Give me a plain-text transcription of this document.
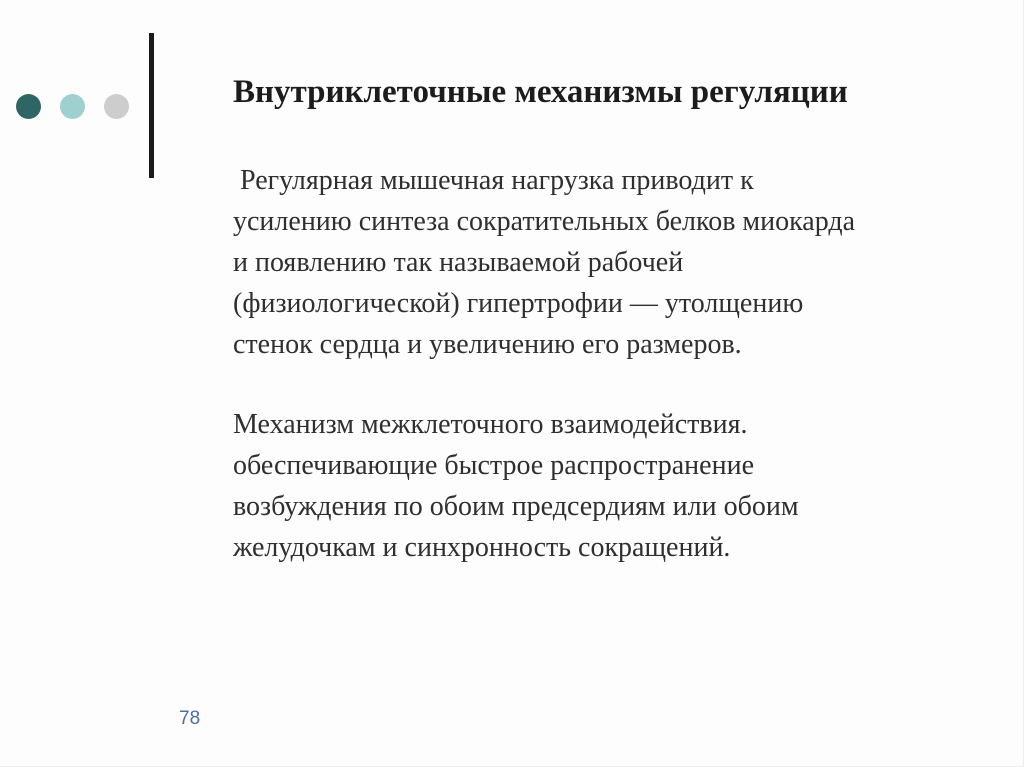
Внутриклеточные механизмы регуляции

Регулярная мышечная нагрузка приводит к
усилению синтеза сократительных белков миокарда
и появлению так называемой рабочей
(физиологической) гипертрофии — утолщению
стенок сердца и увеличению его размеров.

Механизм межклеточного взаимодействия.
обеспечивающие быстрое распространение
возбуждения по обоим предсердиям или обоим
желудочкам и синхронность сокращений.

78
